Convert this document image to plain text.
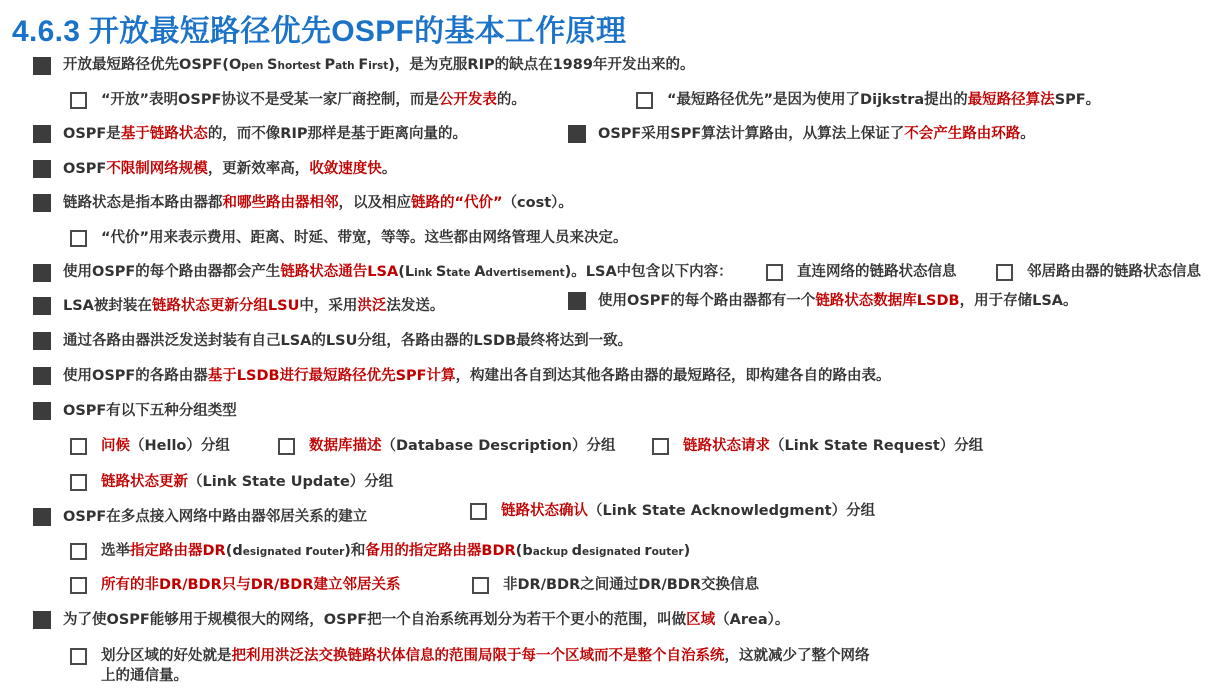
4.6.3 开放最短路径优先OSPF的基本工作原理
开放最短路径优先OSPF(Open Shortest Path First)，是为克服RIP的缺点在1989年开发出来的。
“开放”表明OSPF协议不是受某一家厂商控制，而是公开发表的。	“最短路径优先”是因为使用了Dijkstra提出的最短路径算法SPF。
OSPF是基于链路状态的，而不像RIP那样是基于距离向量的。	OSPF采用SPF算法计算路由，从算法上保证了不会产生路由环路。
OSPF不限制网络规模，更新效率高，收敛速度快。
链路状态是指本路由器都和哪些路由器相邻，以及相应链路的“代价”（cost）。
“代价”用来表示费用、距离、时延、带宽，等等。这些都由网络管理人员来决定。
使用OSPF的每个路由器都会产生链路状态通告LSA(Link State Advertisement)。LSA中包含以下内容：	直连网络的链路状态信息	邻居路由器的链路状态信息
LSA被封装在链路状态更新分组LSU中，采用洪泛法发送。	使用OSPF的每个路由器都有一个链路状态数据库LSDB，用于存储LSA。
通过各路由器洪泛发送封装有自己LSA的LSU分组，各路由器的LSDB最终将达到一致。
使用OSPF的各路由器基于LSDB进行最短路径优先SPF计算，构建出各自到达其他各路由器的最短路径，即构建各自的路由表。
OSPF有以下五种分组类型
问候（Hello）分组	数据库描述（Database Description）分组	链路状态请求（Link State Request）分组
链路状态更新（Link State Update）分组
OSPF在多点接入网络中路由器邻居关系的建立	链路状态确认（Link State Acknowledgment）分组
选举指定路由器DR(designated router)和备用的指定路由器BDR(backup designated router)
所有的非DR/BDR只与DR/BDR建立邻居关系	非DR/BDR之间通过DR/BDR交换信息
为了使OSPF能够用于规模很大的网络，OSPF把一个自治系统再划分为若干个更小的范围，叫做区域（Area）。
划分区域的好处就是把利用洪泛法交换链路状体信息的范围局限于每一个区域而不是整个自治系统，这就减少了整个网络上的通信量。
